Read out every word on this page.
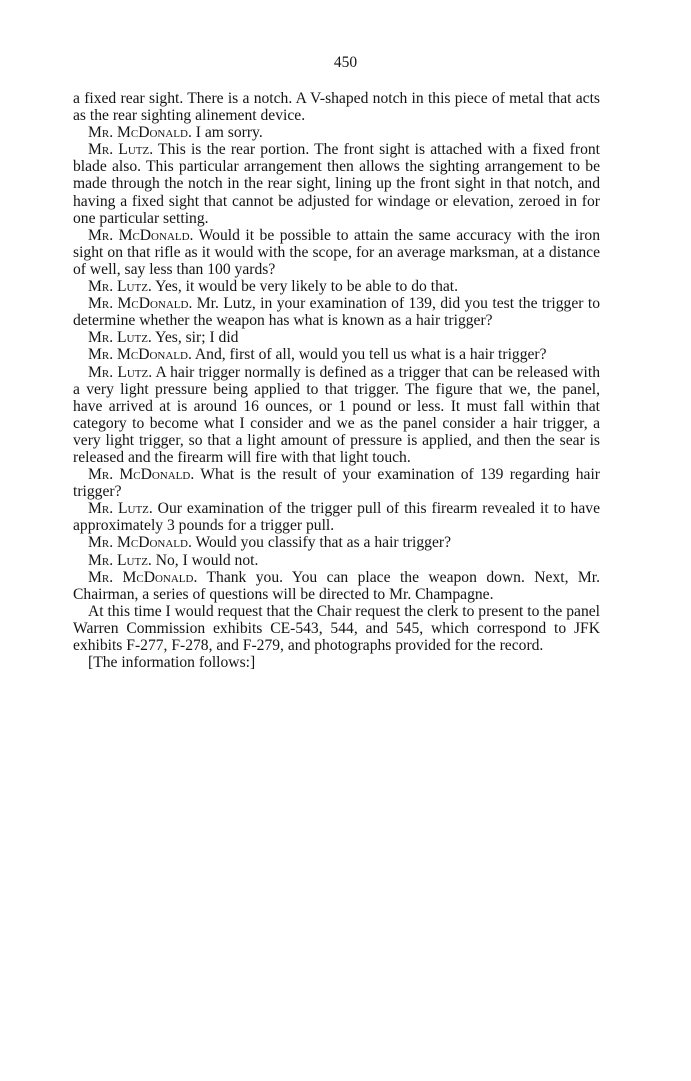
450

a fixed rear sight. There is a notch. A V-shaped notch in this piece of metal that acts as the rear sighting alinement device.

Mr. McDonald. I am sorry.

Mr. Lutz. This is the rear portion. The front sight is attached with a fixed front blade also. This particular arrangement then allows the sighting arrangement to be made through the notch in the rear sight, lining up the front sight in that notch, and having a fixed sight that cannot be adjusted for windage or elevation, zeroed in for one particular setting.

Mr. McDonald. Would it be possible to attain the same accuracy with the iron sight on that rifle as it would with the scope, for an average marksman, at a distance of well, say less than 100 yards?

Mr. Lutz. Yes, it would be very likely to be able to do that.

Mr. McDonald. Mr. Lutz, in your examination of 139, did you test the trigger to determine whether the weapon has what is known as a hair trigger?

Mr. Lutz. Yes, sir; I did

Mr. McDonald. And, first of all, would you tell us what is a hair trigger?

Mr. Lutz. A hair trigger normally is defined as a trigger that can be released with a very light pressure being applied to that trigger. The figure that we, the panel, have arrived at is around 16 ounces, or 1 pound or less. It must fall within that category to become what I consider and we as the panel consider a hair trigger, a very light trigger, so that a light amount of pressure is applied, and then the sear is released and the firearm will fire with that light touch.

Mr. McDonald. What is the result of your examination of 139 regarding hair trigger?

Mr. Lutz. Our examination of the trigger pull of this firearm revealed it to have approximately 3 pounds for a trigger pull.

Mr. McDonald. Would you classify that as a hair trigger?

Mr. Lutz. No, I would not.

Mr. McDonald. Thank you. You can place the weapon down. Next, Mr. Chairman, a series of questions will be directed to Mr. Champagne.

At this time I would request that the Chair request the clerk to present to the panel Warren Commission exhibits CE-543, 544, and 545, which correspond to JFK exhibits F-277, F-278, and F-279, and photographs provided for the record.

[The information follows:]
